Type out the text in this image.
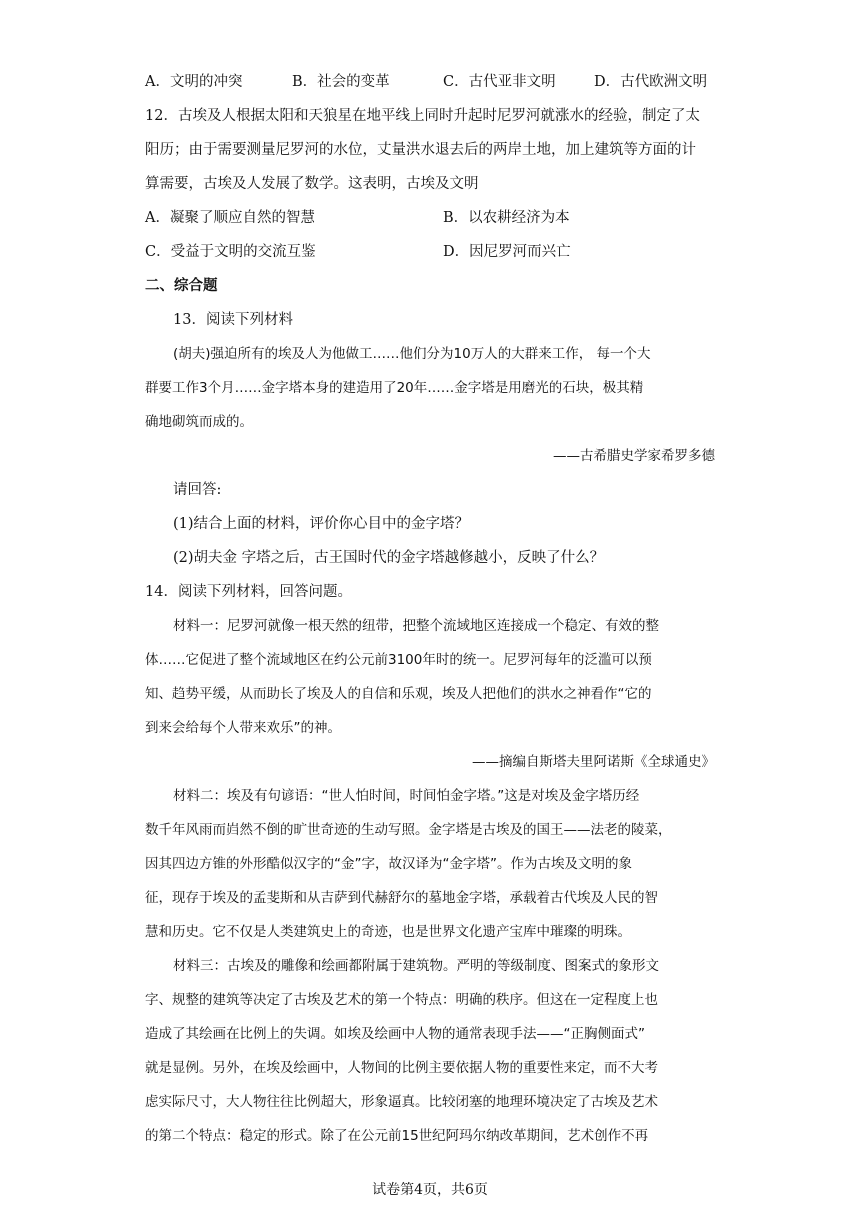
A．文明的冲突	B．社会的变革	C．古代亚非文明	D．古代欧洲文明
12．古埃及人根据太阳和天狼星在地平线上同时升起时尼罗河就涨水的经验，制定了太
阳历；由于需要测量尼罗河的水位，丈量洪水退去后的两岸土地，加上建筑等方面的计
算需要，古埃及人发展了数学。这表明，古埃及文明
A．凝聚了顺应自然的智慧	B．以农耕经济为本
C．受益于文明的交流互鉴	D．因尼罗河而兴亡
二、综合题
13．阅读下列材料
(胡夫)强迫所有的埃及人为他做工……他们分为10万人的大群来工作， 每一个大
群要工作3个月……金字塔本身的建造用了20年……金字塔是用磨光的石块，极其精
确地砌筑而成的。
——古希腊史学家希罗多德
请回答:
(1)结合上面的材料，评价你心目中的金字塔？
(2)胡夫金 字塔之后，古王国时代的金字塔越修越小，反映了什么？
14．阅读下列材料，回答问题。
材料一：尼罗河就像一根天然的纽带，把整个流域地区连接成一个稳定、有效的整
体……它促进了整个流域地区在约公元前3100年时的统一。尼罗河每年的泛滥可以预
知、趋势平缓，从而助长了埃及人的自信和乐观，埃及人把他们的洪水之神看作“它的
到来会给每个人带来欢乐”的神。
——摘编自斯塔夫里阿诺斯《全球通史》
材料二：埃及有句谚语：“世人怕时间，时间怕金字塔。”这是对埃及金字塔历经
数千年风雨而岿然不倒的旷世奇迹的生动写照。金字塔是古埃及的国王——法老的陵菜，
因其四边方锥的外形酷似汉字的“金”字，故汉译为“金字塔”。作为古埃及文明的象
征，现存于埃及的孟斐斯和从吉萨到代赫舒尔的墓地金字塔，承载着古代埃及人民的智
慧和历史。它不仅是人类建筑史上的奇迹，也是世界文化遗产宝库中璀璨的明珠。
材料三：古埃及的雕像和绘画都附属于建筑物。严明的等级制度、图案式的象形文
字、规整的建筑等决定了古埃及艺术的第一个特点：明确的秩序。但这在一定程度上也
造成了其绘画在比例上的失调。如埃及绘画中人物的通常表现手法——“正胸侧面式”
就是显例。另外，在埃及绘画中，人物间的比例主要依据人物的重要性来定，而不大考
虑实际尺寸，大人物往往比例超大，形象逼真。比较闭塞的地理环境决定了古埃及艺术
的第二个特点：稳定的形式。除了在公元前15世纪阿玛尔纳改革期间，艺术创作不再
试卷第4页，共6页
